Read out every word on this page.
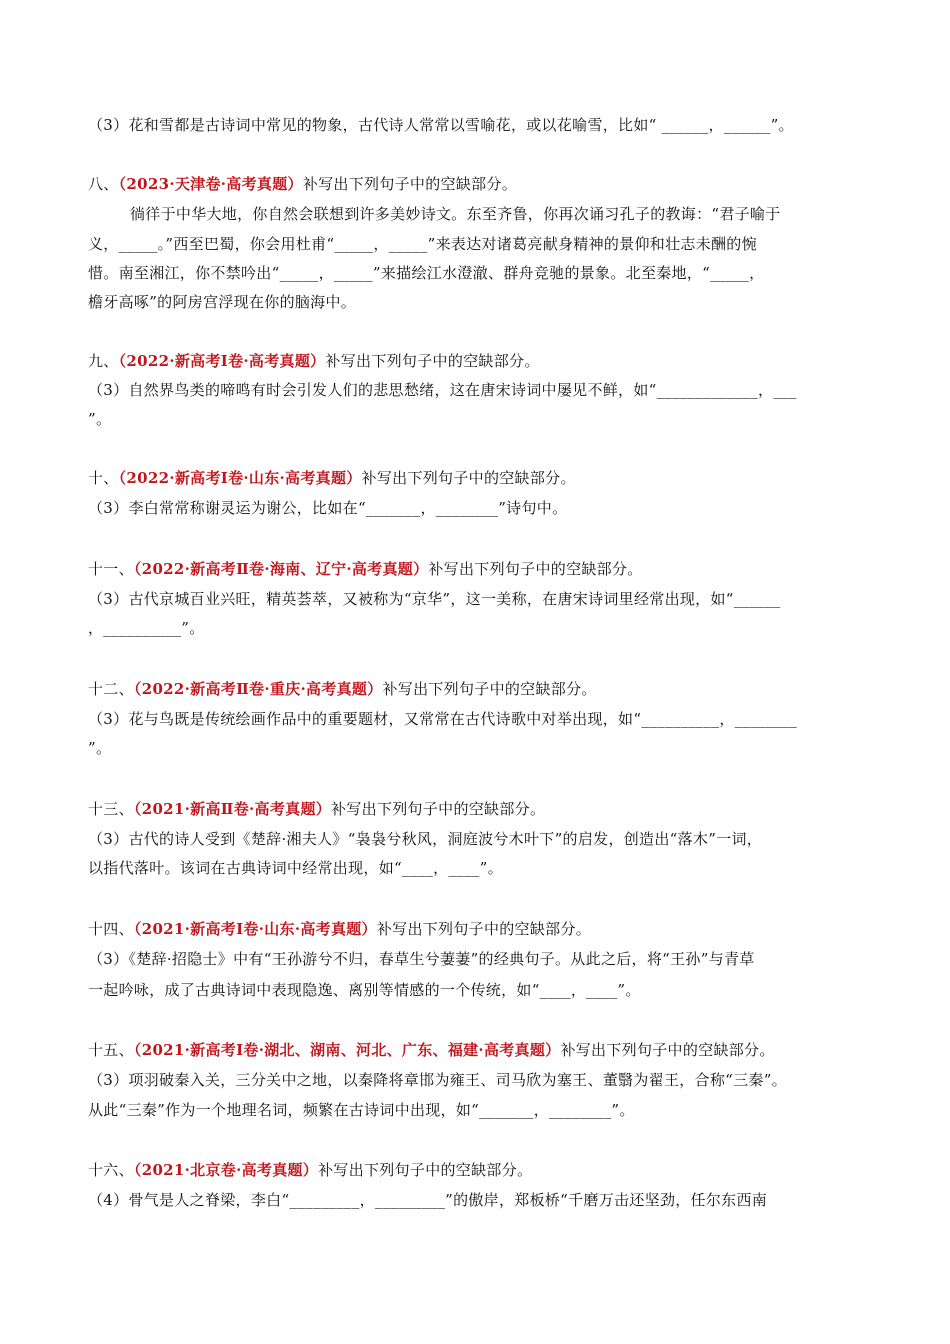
（3）花和雪都是古诗词中常见的物象，古代诗人常常以雪喻花，或以花喻雪，比如“ ______，______”。
八、（2023·天津卷·高考真题）补写出下列句子中的空缺部分。
徜徉于中华大地，你自然会联想到许多美妙诗文。东至齐鲁，你再次诵习孔子的教诲：“君子喻于
义，_____。”西至巴蜀，你会用杜甫“_____，_____”来表达对诸葛亮献身精神的景仰和壮志未酬的惋
惜。南至湘江，你不禁吟出“_____，_____”来描绘江水澄澈、群舟竞驰的景象。北至秦地，“_____，
檐牙高啄”的阿房宫浮现在你的脑海中。
九、（2022·新高考Ⅰ卷·高考真题）补写出下列句子中的空缺部分。
（3）自然界鸟类的啼鸣有时会引发人们的悲思愁绪，这在唐宋诗词中屡见不鲜，如“_____________，___
”。
十、（2022·新高考Ⅰ卷·山东·高考真题）补写出下列句子中的空缺部分。
（3）李白常常称谢灵运为谢公，比如在“_______，________”诗句中。
十一、（2022·新高考Ⅱ卷·海南、辽宁·高考真题）补写出下列句子中的空缺部分。
（3）古代京城百业兴旺，精英荟萃，又被称为“京华”，这一美称，在唐宋诗词里经常出现，如“______
，__________”。
十二、（2022·新高考Ⅱ卷·重庆·高考真题）补写出下列句子中的空缺部分。
（3）花与鸟既是传统绘画作品中的重要题材，又常常在古代诗歌中对举出现，如“__________，________
”。
十三、（2021·新高Ⅱ卷·高考真题）补写出下列句子中的空缺部分。
（3）古代的诗人受到《楚辞·湘夫人》“袅袅兮秋风，洞庭波兮木叶下”的启发，创造出“落木”一词，
以指代落叶。该词在古典诗词中经常出现，如“____，____”。
十四、（2021·新高考Ⅰ卷·山东·高考真题）补写出下列句子中的空缺部分。
（3）《楚辞·招隐士》中有“王孙游兮不归，春草生兮萋萋”的经典句子。从此之后，将“王孙”与青草
一起吟咏，成了古典诗词中表现隐逸、离别等情感的一个传统，如“____，____”。
十五、（2021·新高考Ⅰ卷·湖北、湖南、河北、广东、福建·高考真题）补写出下列句子中的空缺部分。
（3）项羽破秦入关，三分关中之地，以秦降将章邯为雍王、司马欣为塞王、董翳为翟王，合称“三秦”。
从此“三秦”作为一个地理名词，频繁在古诗词中出现，如“_______，________”。
十六、（2021·北京卷·高考真题）补写出下列句子中的空缺部分。
（4）骨气是人之脊梁，李白“_________，_________”的傲岸，郑板桥“千磨万击还坚劲，任尔东西南
